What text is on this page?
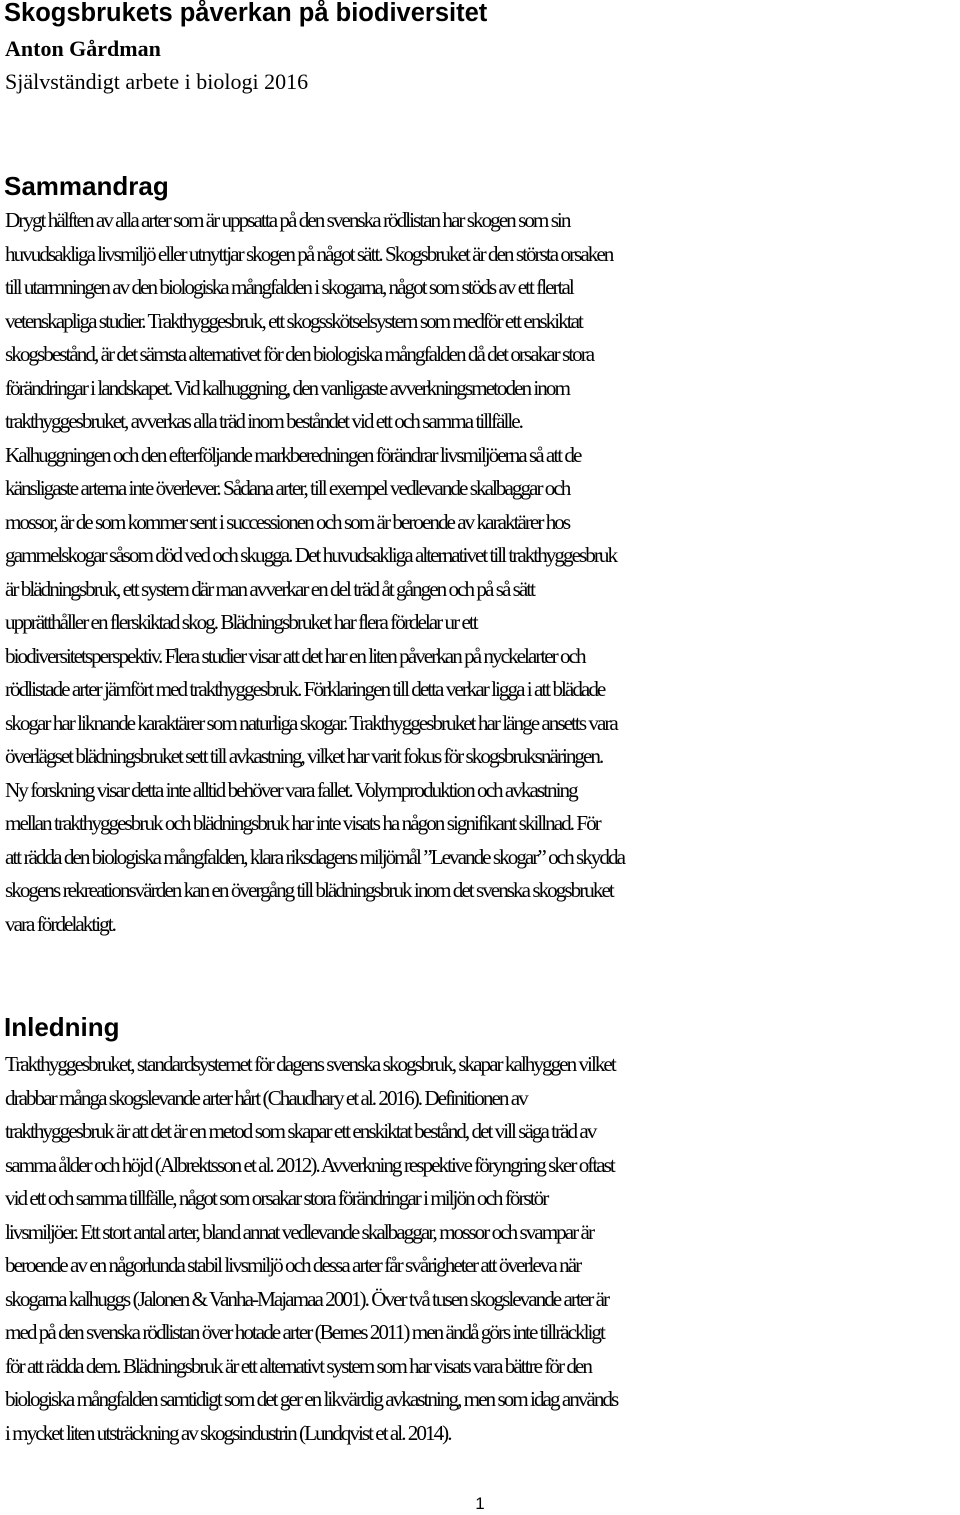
Skogsbrukets påverkan på biodiversitet
Anton Gårdman
Självständigt arbete i biologi 2016
Sammandrag
Drygt hälften av alla arter som är uppsatta på den svenska rödlistan har skogen som sin
huvudsakliga livsmiljö eller utnyttjar skogen på något sätt. Skogsbruket är den största orsaken
till utarmningen av den biologiska mångfalden i skogarna, något som stöds av ett flertal
vetenskapliga studier. Trakthyggesbruk, ett skogsskötselsystem som medför ett enskiktat
skogsbestånd, är det sämsta alternativet för den biologiska mångfalden då det orsakar stora
förändringar i landskapet. Vid kalhuggning, den vanligaste avverkningsmetoden inom
trakthyggesbruket, avverkas alla träd inom beståndet vid ett och samma tillfälle.
Kalhuggningen och den efterföljande markberedningen förändrar livsmiljöerna så att de
känsligaste arterna inte överlever. Sådana arter, till exempel vedlevande skalbaggar och
mossor, är de som kommer sent i successionen och som är beroende av karaktärer hos
gammelskogar såsom död ved och skugga. Det huvudsakliga alternativet till trakthyggesbruk
är blädningsbruk, ett system där man avverkar en del träd åt gången och på så sätt
upprätthåller en flerskiktad skog. Blädningsbruket har flera fördelar ur ett
biodiversitetsperspektiv. Flera studier visar att det har en liten påverkan på nyckelarter och
rödlistade arter jämfört med trakthyggesbruk. Förklaringen till detta verkar ligga i att blädade
skogar har liknande karaktärer som naturliga skogar. Trakthyggesbruket har länge ansetts vara
överlägset blädningsbruket sett till avkastning, vilket har varit fokus för skogsbruksnäringen.
Ny forskning visar detta inte alltid behöver vara fallet. Volymproduktion och avkastning
mellan trakthyggesbruk och blädningsbruk har inte visats ha någon signifikant skillnad. För
att rädda den biologiska mångfalden, klara riksdagens miljömål ”Levande skogar” och skydda
skogens rekreationsvärden kan en övergång till blädningsbruk inom det svenska skogsbruket
vara fördelaktigt.
Inledning
Trakthyggesbruket, standardsystemet för dagens svenska skogsbruk, skapar kalhyggen vilket
drabbar många skogslevande arter hårt (Chaudhary et al. 2016). Definitionen av
trakthyggesbruk är att det är en metod som skapar ett enskiktat bestånd, det vill säga träd av
samma ålder och höjd (Albrektsson et al. 2012). Avverkning respektive föryngring sker oftast
vid ett och samma tillfälle, något som orsakar stora förändringar i miljön och förstör
livsmiljöer. Ett stort antal arter, bland annat vedlevande skalbaggar, mossor och svampar är
beroende av en någorlunda stabil livsmiljö och dessa arter får svårigheter att överleva när
skogarna kalhuggs (Jalonen & Vanha-Majamaa 2001). Över två tusen skogslevande arter är
med på den svenska rödlistan över hotade arter (Bernes 2011) men ändå görs inte tillräckligt
för att rädda dem. Blädningsbruk är ett alternativt system som har visats vara bättre för den
biologiska mångfalden samtidigt som det ger en likvärdig avkastning, men som idag används
i mycket liten utsträckning av skogsindustrin (Lundqvist et al. 2014).
1
